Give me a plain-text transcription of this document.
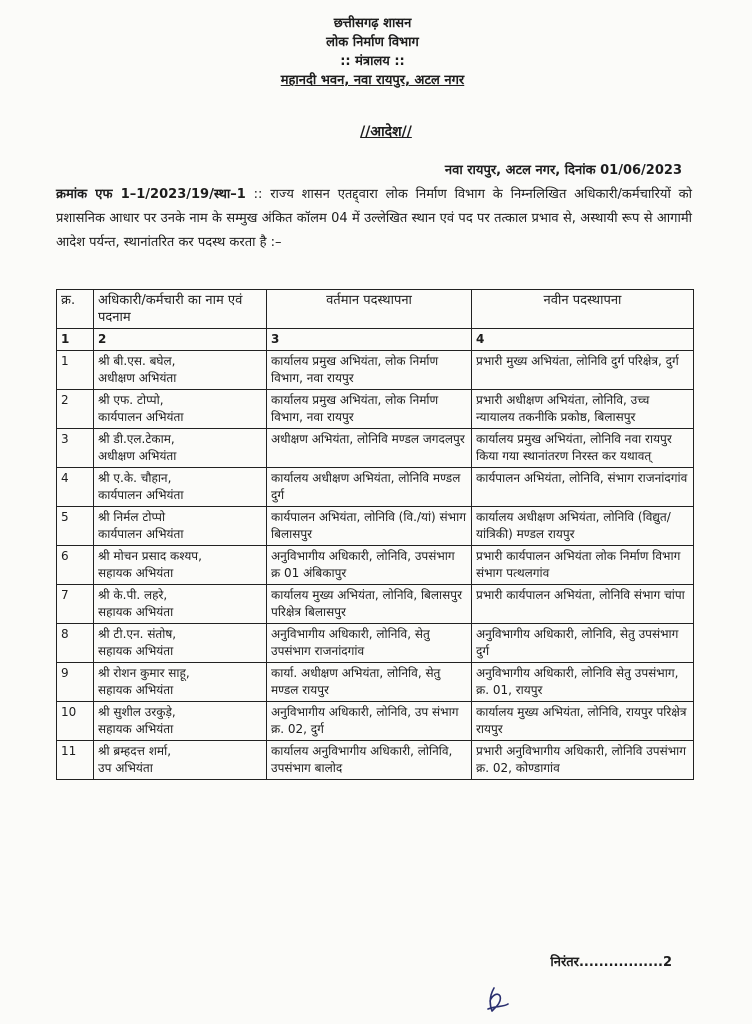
छत्तीसगढ़ शासन
लोक निर्माण विभाग
:: मंत्रालय ::
महानदी भवन, नवा रायपुर, अटल नगर
//आदेश//
नवा रायपुर, अटल नगर, दिनांक 01/06/2023
क्रमांक एफ 1–1/2023/19/स्था–1 :: राज्य शासन एतद्द्वारा लोक निर्माण विभाग के निम्नलिखित अधिकारी/कर्मचारियों को प्रशासनिक आधार पर उनके नाम के सम्मुख अंकित कॉलम 04 में उल्लेखित स्थान एवं पद पर तत्काल प्रभाव से, अस्थायी रूप से आगामी आदेश पर्यन्त, स्थानांतरित कर पदस्थ करता है :–
क्र.	अधिकारी/कर्मचारी का नाम एवं पदनाम	वर्तमान पदस्थापना	नवीन पदस्थापना
1	2	3	4
1	श्री बी.एस. बघेल,
अधीक्षण अभियंता	कार्यालय प्रमुख अभियंता, लोक निर्माण विभाग, नवा रायपुर	प्रभारी मुख्य अभियंता, लोनिवि दुर्ग परिक्षेत्र, दुर्ग
2	श्री एफ. टोप्पो,
कार्यपालन अभियंता	कार्यालय प्रमुख अभियंता, लोक निर्माण विभाग, नवा रायपुर	प्रभारी अधीक्षण अभियंता, लोनिवि, उच्च न्यायालय तकनीकि प्रकोष्ठ, बिलासपुर
3	श्री डी.एल.टेकाम,
अधीक्षण अभियंता	अधीक्षण अभियंता, लोनिवि मण्डल जगदलपुर	कार्यालय प्रमुख अभियंता, लोनिवि नवा रायपुर किया गया स्थानांतरण निरस्त कर यथावत्
4	श्री ए.के. चौहान,
कार्यपालन अभियंता	कार्यालय अधीक्षण अभियंता, लोनिवि मण्डल दुर्ग	कार्यपालन अभियंता, लोनिवि, संभाग राजनांदगांव
5	श्री निर्मल टोप्पो
कार्यपालन अभियंता	कार्यपालन अभियंता, लोनिवि (वि./यां) संभाग बिलासपुर	कार्यालय अधीक्षण अभियंता, लोनिवि (विद्युत/यांत्रिकी) मण्डल रायपुर
6	श्री मोचन प्रसाद कश्यप,
सहायक अभियंता	अनुविभागीय अधिकारी, लोनिवि, उपसंभाग क्र 01 अंबिकापुर	प्रभारी कार्यपालन अभियंता लोक निर्माण विभाग संभाग पत्थलगांव
7	श्री के.पी. लहरे,
सहायक अभियंता	कार्यालय मुख्य अभियंता, लोनिवि, बिलासपुर परिक्षेत्र बिलासपुर	प्रभारी कार्यपालन अभियंता, लोनिवि संभाग चांपा
8	श्री टी.एन. संतोष,
सहायक अभियंता	अनुविभागीय अधिकारी, लोनिवि, सेतु उपसंभाग राजनांदगांव	अनुविभागीय अधिकारी, लोनिवि, सेतु उपसंभाग दुर्ग
9	श्री रोशन कुमार साहू,
सहायक अभियंता	कार्या. अधीक्षण अभियंता, लोनिवि, सेतु मण्डल रायपुर	अनुविभागीय अधिकारी, लोनिवि सेतु उपसंभाग, क्र. 01, रायपुर
10	श्री सुशील उरकुड़े,
सहायक अभियंता	अनुविभागीय अधिकारी, लोनिवि, उप संभाग क्र. 02, दुर्ग	कार्यालय मुख्य अभियंता, लोनिवि, रायपुर परिक्षेत्र रायपुर
11	श्री ब्रम्हदत्त शर्मा,
उप अभियंता	कार्यालय अनुविभागीय अधिकारी, लोनिवि, उपसंभाग बालोद	प्रभारी अनुविभागीय अधिकारी, लोनिवि उपसंभाग क्र. 02, कोण्डागांव
निरंतर.................2
